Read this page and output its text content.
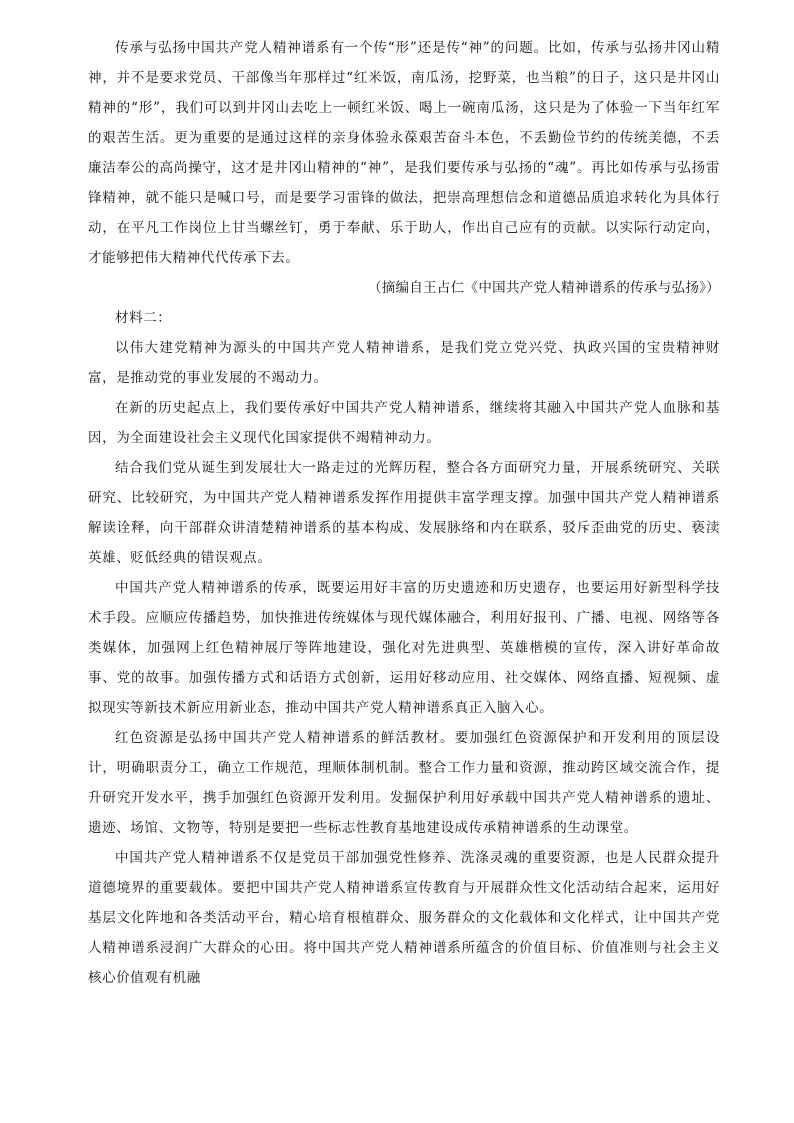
传承与弘扬中国共产党人精神谱系有一个传“形”还是传“神”的问题。比如，传承与弘扬井冈山精神，并不是要求党员、干部像当年那样过“红米饭，南瓜汤，挖野菜，也当粮”的日子，这只是井冈山精神的“形”，我们可以到井冈山去吃上一顿红米饭、喝上一碗南瓜汤，这只是为了体验一下当年红军的艰苦生活。更为重要的是通过这样的亲身体验永葆艰苦奋斗本色，不丢勤俭节约的传统美德，不丢廉洁奉公的高尚操守，这才是井冈山精神的“神”，是我们要传承与弘扬的“魂”。再比如传承与弘扬雷锋精神，就不能只是喊口号，而是要学习雷锋的做法，把崇高理想信念和道德品质追求转化为具体行动，在平凡工作岗位上甘当螺丝钉，勇于奉献、乐于助人，作出自己应有的贡献。以实际行动定向，才能够把伟大精神代代传承下去。

（摘编自王占仁《中国共产党人精神谱系的传承与弘扬》）

材料二：

以伟大建党精神为源头的中国共产党人精神谱系，是我们党立党兴党、执政兴国的宝贵精神财富，是推动党的事业发展的不竭动力。

在新的历史起点上，我们要传承好中国共产党人精神谱系，继续将其融入中国共产党人血脉和基因，为全面建设社会主义现代化国家提供不竭精神动力。

结合我们党从诞生到发展壮大一路走过的光辉历程，整合各方面研究力量，开展系统研究、关联研究、比较研究，为中国共产党人精神谱系发挥作用提供丰富学理支撑。加强中国共产党人精神谱系解读诠释，向干部群众讲清楚精神谱系的基本构成、发展脉络和内在联系，驳斥歪曲党的历史、亵渎英雄、贬低经典的错误观点。

中国共产党人精神谱系的传承，既要运用好丰富的历史遗迹和历史遗存，也要运用好新型科学技术手段。应顺应传播趋势，加快推进传统媒体与现代媒体融合，利用好报刊、广播、电视、网络等各类媒体，加强网上红色精神展厅等阵地建设，强化对先进典型、英雄楷模的宣传，深入讲好革命故事、党的故事。加强传播方式和话语方式创新，运用好移动应用、社交媒体、网络直播、短视频、虚拟现实等新技术新应用新业态，推动中国共产党人精神谱系真正入脑入心。

红色资源是弘扬中国共产党人精神谱系的鲜活教材。要加强红色资源保护和开发利用的顶层设计，明确职责分工，确立工作规范，理顺体制机制。整合工作力量和资源，推动跨区域交流合作，提升研究开发水平，携手加强红色资源开发利用。发掘保护利用好承载中国共产党人精神谱系的遗址、遗迹、场馆、文物等，特别是要把一些标志性教育基地建设成传承精神谱系的生动课堂。

中国共产党人精神谱系不仅是党员干部加强党性修养、洗涤灵魂的重要资源，也是人民群众提升道德境界的重要载体。要把中国共产党人精神谱系宣传教育与开展群众性文化活动结合起来，运用好基层文化阵地和各类活动平台，精心培育根植群众、服务群众的文化载体和文化样式，让中国共产党人精神谱系浸润广大群众的心田。将中国共产党人精神谱系所蕴含的价值目标、价值准则与社会主义核心价值观有机融
